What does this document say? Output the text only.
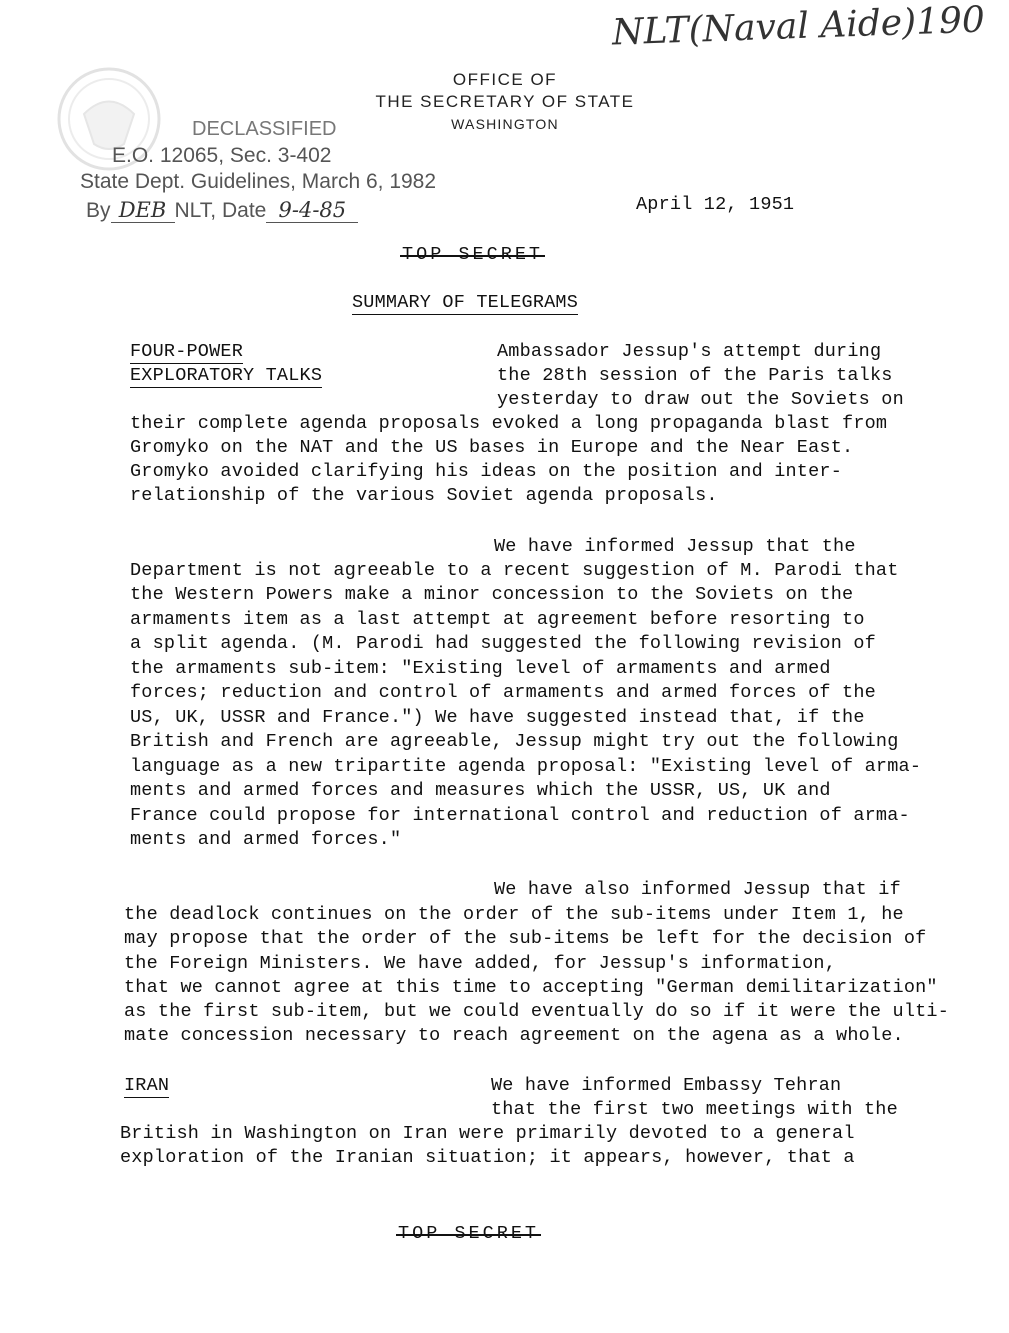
NLT(Naval Aide)190
OFFICE OF
THE SECRETARY OF STATE
WASHINGTON
DECLASSIFIED
E.O. 12065, Sec. 3-402
State Dept. Guidelines, March 6, 1982
By DEB NLT, Date 9-4-85	April 12, 1951
TOP SECRET
SUMMARY OF TELEGRAMS
FOUR-POWER
EXPLORATORY TALKS
Ambassador Jessup's attempt during
the 28th session of the Paris talks
yesterday to draw out the Soviets on
their complete agenda proposals evoked a long propaganda blast from
Gromyko on the NAT and the US bases in Europe and the Near East.
Gromyko avoided clarifying his ideas on the position and inter-
relationship of the various Soviet agenda proposals.
We have informed Jessup that the
Department is not agreeable to a recent suggestion of M. Parodi that
the Western Powers make a minor concession to the Soviets on the
armaments item as a last attempt at agreement before resorting to
a split agenda. (M. Parodi had suggested the following revision of
the armaments sub-item: "Existing level of armaments and armed
forces; reduction and control of armaments and armed forces of the
US, UK, USSR and France.") We have suggested instead that, if the
British and French are agreeable, Jessup might try out the following
language as a new tripartite agenda proposal: "Existing level of arma-
ments and armed forces and measures which the USSR, US, UK and
France could propose for international control and reduction of arma-
ments and armed forces."
We have also informed Jessup that if
the deadlock continues on the order of the sub-items under Item 1, he
may propose that the order of the sub-items be left for the decision of
the Foreign Ministers. We have added, for Jessup's information,
that we cannot agree at this time to accepting "German demilitarization"
as the first sub-item, but we could eventually do so if it were the ulti-
mate concession necessary to reach agreement on the agena as a whole.
IRAN	We have informed Embassy Tehran
that the first two meetings with the
British in Washington on Iran were primarily devoted to a general
exploration of the Iranian situation; it appears, however, that a
TOP SECRET
